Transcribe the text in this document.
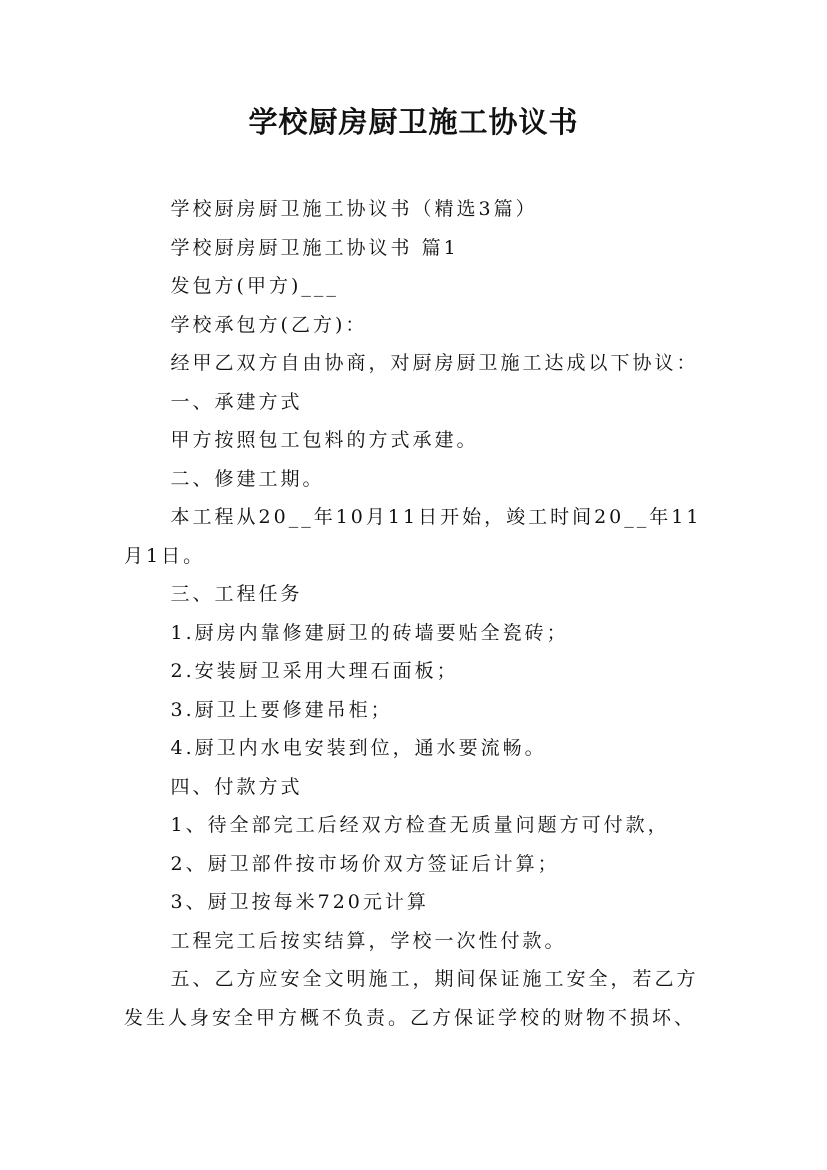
学校厨房厨卫施工协议书

学校厨房厨卫施工协议书（精选3篇）

学校厨房厨卫施工协议书 篇1

发包方(甲方)___

学校承包方(乙方)：

经甲乙双方自由协商，对厨房厨卫施工达成以下协议：

一、承建方式

甲方按照包工包料的方式承建。

二、修建工期。

本工程从20__年10月11日开始，竣工时间20__年11月1日。

三、工程任务

1.厨房内靠修建厨卫的砖墙要贴全瓷砖；

2.安装厨卫采用大理石面板；

3.厨卫上要修建吊柜；

4.厨卫内水电安装到位，通水要流畅。

四、付款方式

1、待全部完工后经双方检查无质量问题方可付款，

2、厨卫部件按市场价双方签证后计算；

3、厨卫按每米720元计算

工程完工后按实结算，学校一次性付款。

五、乙方应安全文明施工，期间保证施工安全，若乙方发生人身安全甲方概不负责。乙方保证学校的财物不损坏、
